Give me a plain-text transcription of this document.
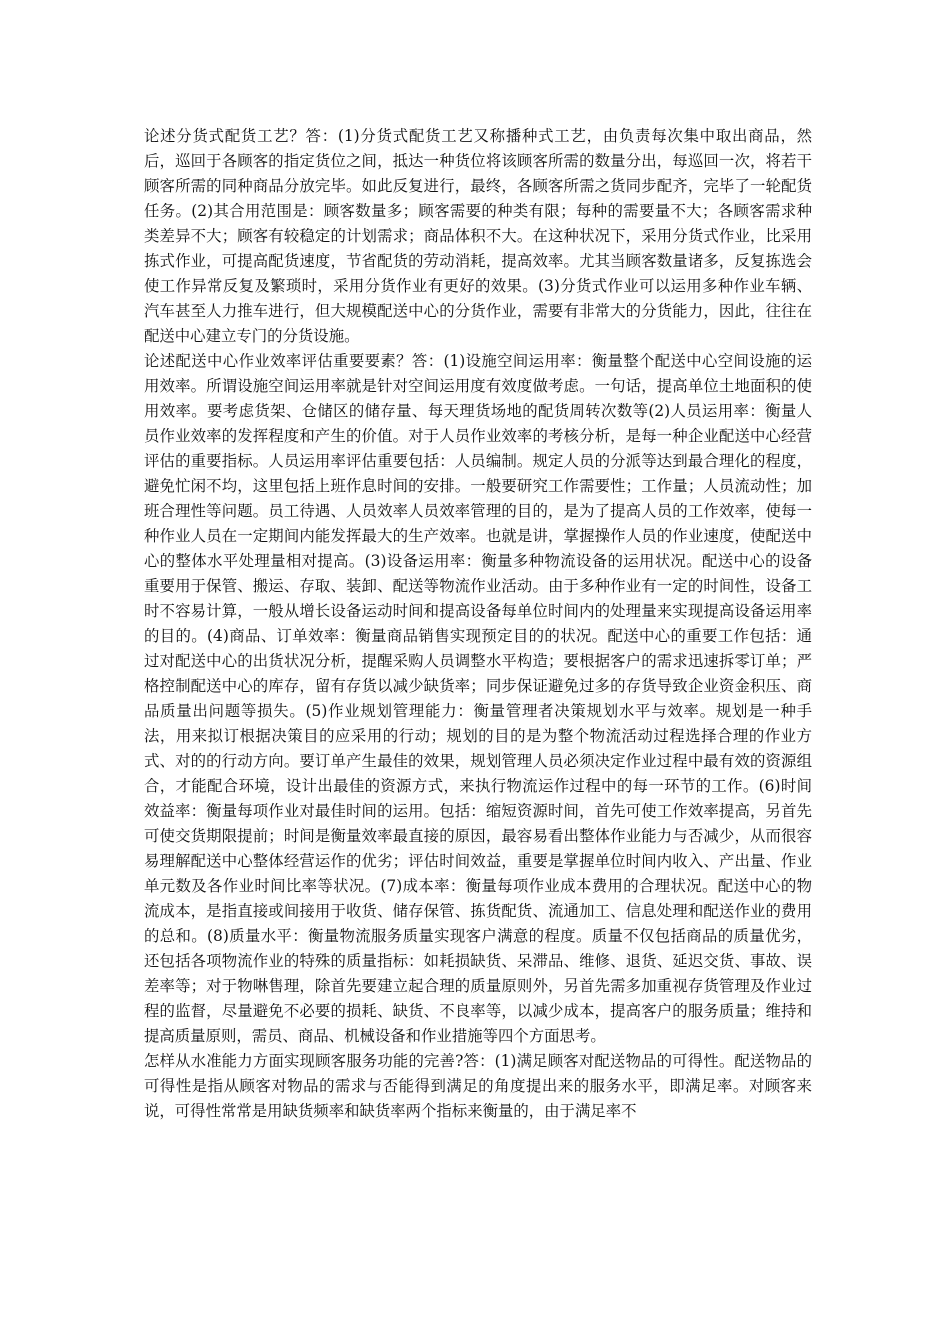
论述分货式配货工艺？答：(1)分货式配货工艺又称播种式工艺，由负责每次集中取出商品，然后，巡回于各顾客的指定货位之间，抵达一种货位将该顾客所需的数量分出，每巡回一次，将若干顾客所需的同种商品分放完毕。如此反复进行，最终，各顾客所需之货同步配齐，完毕了一轮配货任务。(2)其合用范围是：顾客数量多；顾客需要的种类有限；每种的需要量不大；各顾客需求种类差异不大；顾客有较稳定的计划需求；商品体积不大。在这种状况下，采用分货式作业，比采用拣式作业，可提高配货速度，节省配货的劳动消耗，提高效率。尤其当顾客数量诸多，反复拣选会使工作异常反复及繁琐时，采用分货作业有更好的效果。(3)分货式作业可以运用多种作业车辆、汽车甚至人力推车进行，但大规模配送中心的分货作业，需要有非常大的分货能力，因此，往往在配送中心建立专门的分货设施。

论述配送中心作业效率评估重要要素？答：(1)设施空间运用率：衡量整个配送中心空间设施的运用效率。所谓设施空间运用率就是针对空间运用度有效度做考虑。一句话，提高单位土地面积的使用效率。要考虑货架、仓储区的储存量、每天理货场地的配货周转次数等(2)人员运用率：衡量人员作业效率的发挥程度和产生的价值。对于人员作业效率的考核分析，是每一种企业配送中心经营评估的重要指标。人员运用率评估重要包括：人员编制。规定人员的分派等达到最合理化的程度，避免忙闲不均，这里包括上班作息时间的安排。一般要研究工作需要性；工作量；人员流动性；加班合理性等问题。员工待遇、人员效率人员效率管理的目的，是为了提高人员的工作效率，使每一种作业人员在一定期间内能发挥最大的生产效率。也就是讲，掌握操作人员的作业速度，使配送中心的整体水平处理量相对提高。(3)设备运用率：衡量多种物流设备的运用状况。配送中心的设备重要用于保管、搬运、存取、装卸、配送等物流作业活动。由于多种作业有一定的时间性，设备工时不容易计算，一般从增长设备运动时间和提高设备每单位时间内的处理量来实现提高设备运用率的目的。(4)商品、订单效率：衡量商品销售实现预定目的的状况。配送中心的重要工作包括：通过对配送中心的出货状况分析，提醒采购人员调整水平构造；要根据客户的需求迅速拆零订单；严格控制配送中心的库存，留有存货以减少缺货率；同步保证避免过多的存货导致企业资金积压、商品质量出问题等损失。(5)作业规划管理能力：衡量管理者决策规划水平与效率。规划是一种手法，用来拟订根据决策目的应采用的行动；规划的目的是为整个物流活动过程选择合理的作业方式、对的的行动方向。要订单产生最佳的效果，规划管理人员必须决定作业过程中最有效的资源组合，才能配合环境，设计出最佳的资源方式，来执行物流运作过程中的每一环节的工作。(6)时间效益率：衡量每项作业对最佳时间的运用。包括：缩短资源时间，首先可使工作效率提高，另首先可使交货期限提前；时间是衡量效率最直接的原因，最容易看出整体作业能力与否减少，从而很容易理解配送中心整体经营运作的优劣；评估时间效益，重要是掌握单位时间内收入、产出量、作业单元数及各作业时间比率等状况。(7)成本率：衡量每项作业成本费用的合理状况。配送中心的物流成本，是指直接或间接用于收货、储存保管、拣货配货、流通加工、信息处理和配送作业的费用的总和。(8)质量水平：衡量物流服务质量实现客户满意的程度。质量不仅包括商品的质量优劣，还包括各项物流作业的特殊的质量指标：如耗损缺货、呆滞品、维修、退货、延迟交货、事故、误差率等；对于物啉售理，除首先要建立起合理的质量原则外，另首先需多加重视存货管理及作业过程的监督，尽量避免不必要的损耗、缺货、不良率等，以减少成本，提高客户的服务质量；维持和提高质量原则，需员、商品、机械设备和作业措施等四个方面思考。

怎样从水准能力方面实现顾客服务功能的完善?答：(1)满足顾客对配送物品的可得性。配送物品的可得性是指从顾客对物品的需求与否能得到满足的角度提出来的服务水平，即满足率。对顾客来说，可得性常常是用缺货频率和缺货率两个指标来衡量的，由于满足率不
